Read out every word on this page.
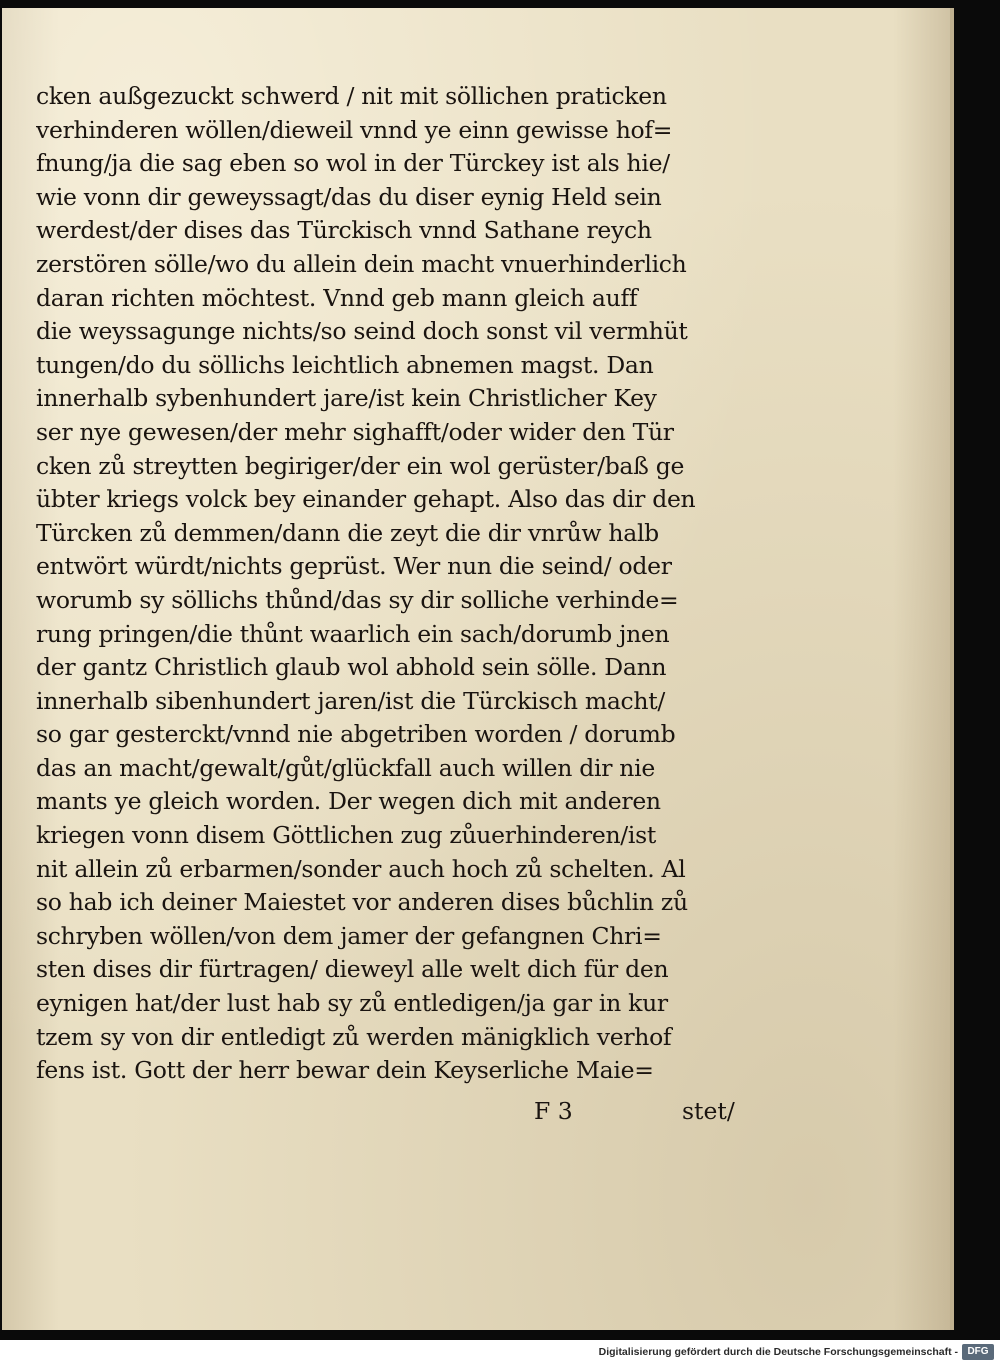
cken außgezuckt schwerd / nit mit söllichen praticken
verhinderen wöllen/dieweil vnnd ye einn gewisse hof=
fnung/ja die sag eben so wol in der Türckey ist als hie/
wie vonn dir geweyssagt/das du diser eynig Held sein
werdest/der dises das Türckisch vnnd Sathane reych
zerstören sölle/wo du allein dein macht vnuerhinderlich
daran richten möchtest. Vnnd geb mann gleich auff
die weyssagunge nichts/so seind doch sonst vil vermhüt
tungen/do du söllichs leichtlich abnemen magst. Dan
innerhalb sybenhundert jare/ist kein Christlicher Key
ser nye gewesen/der mehr sighafft/oder wider den Tür
cken zů streytten begiriger/der ein wol gerüster/baß ge
übter kriegs volck bey einander gehapt. Also das dir den
Türcken zů demmen/dann die zeyt die dir vnrůw halb
entwört würdt/nichts geprüst. Wer nun die seind/ oder
worumb sy söllichs thůnd/das sy dir solliche verhinde=
rung pringen/die thůnt waarlich ein sach/dorumb jnen
der gantz Christlich glaub wol abhold sein sölle. Dann
innerhalb sibenhundert jaren/ist die Türckisch macht/
so gar gesterckt/vnnd nie abgetriben worden / dorumb
das an macht/gewalt/gůt/glückfall auch willen dir nie
mants ye gleich worden. Der wegen dich mit anderen
kriegen vonn disem Göttlichen zug zůuerhinderen/ist
nit allein zů erbarmen/sonder auch hoch zů schelten. Al
so hab ich deiner Maiestet vor anderen dises bůchlin zů
schryben wöllen/von dem jamer der gefangnen Chri=
sten dises dir fürtragen/ dieweyl alle welt dich für den
eynigen hat/der lust hab sy zů entledigen/ja gar in kur
tzem sy von dir entledigt zů werden mänigklich verhof
fens ist. Gott der herr bewar dein Keyserliche Maie=
F 3	stet/
Digitalisierung gefördert durch die Deutsche Forschungsgemeinschaft - DFG
